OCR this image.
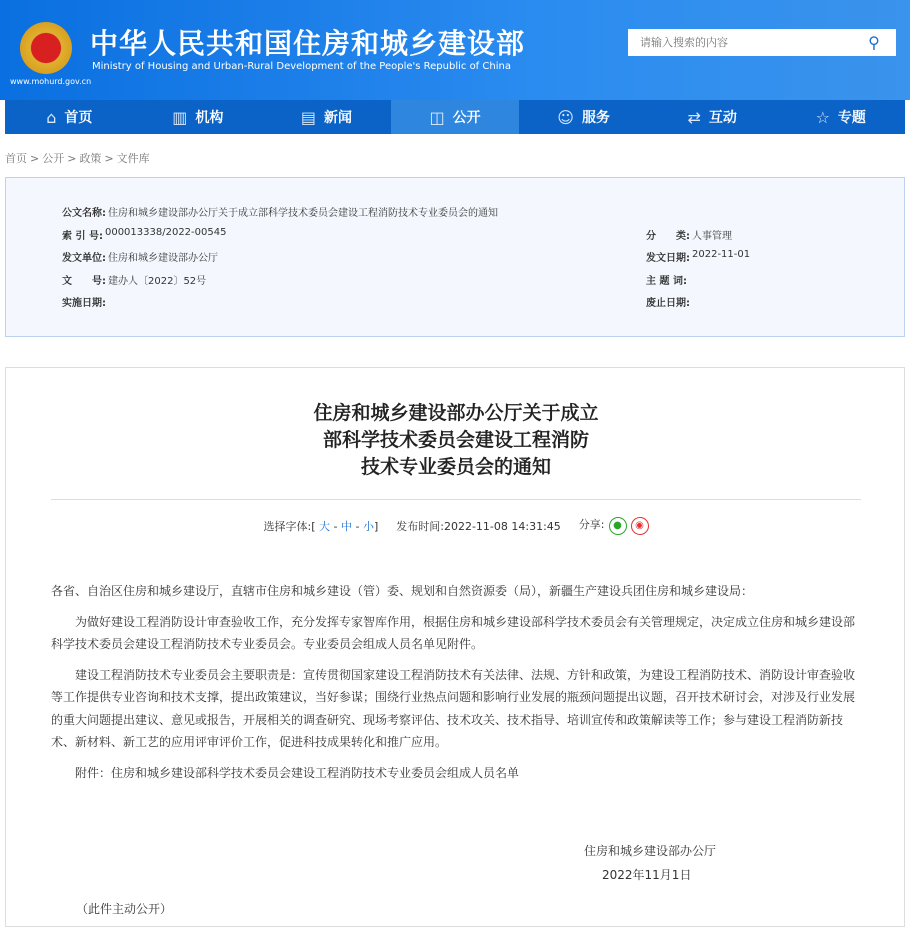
www.mohurd.gov.cn
中华人民共和国住房和城乡建设部
Ministry of Housing and Urban-Rural Development of the People's Republic of China
请输入搜索的内容
⚲
⌂ 首页	▥ 机构	▤ 新闻	◫ 公开	☺ 服务	⇄ 互动	☆ 专题
首页 > 公开 > 政策 > 文件库
公文名称: 住房和城乡建设部办公厅关于成立部科学技术委员会建设工程消防技术专业委员会的通知
索 引 号: 000013338/2022-00545	分　　类: 人事管理
发文单位: 住房和城乡建设部办公厅	发文日期: 2022-11-01
文　　号: 建办人〔2022〕52号	主 题 词:
实施日期:	废止日期:
住房和城乡建设部办公厅关于成立
部科学技术委员会建设工程消防
技术专业委员会的通知
选择字体:[ 大 - 中 - 小] 发布时间:2022-11-08 14:31:45 分享: ● ◉

各省、自治区住房和城乡建设厅，直辖市住房和城乡建设（管）委、规划和自然资源委（局），新疆生产建设兵团住房和城乡建设局：

为做好建设工程消防设计审查验收工作，充分发挥专家智库作用，根据住房和城乡建设部科学技术委员会有关管理规定，决定成立住房和城乡建设部科学技术委员会建设工程消防技术专业委员会。专业委员会组成人员名单见附件。

建设工程消防技术专业委员会主要职责是：宣传贯彻国家建设工程消防技术有关法律、法规、方针和政策，为建设工程消防技术、消防设计审查验收等工作提供专业咨询和技术支撑，提出政策建议，当好参谋；围绕行业热点问题和影响行业发展的瓶颈问题提出议题，召开技术研讨会，对涉及行业发展的重大问题提出建议、意见或报告，开展相关的调查研究、现场考察评估、技术攻关、技术指导、培训宣传和政策解读等工作；参与建设工程消防新技术、新材料、新工艺的应用评审评价工作，促进科技成果转化和推广应用。

附件：住房和城乡建设部科学技术委员会建设工程消防技术专业委员会组成人员名单

住房和城乡建设部办公厅
2022年11月1日
（此件主动公开）
